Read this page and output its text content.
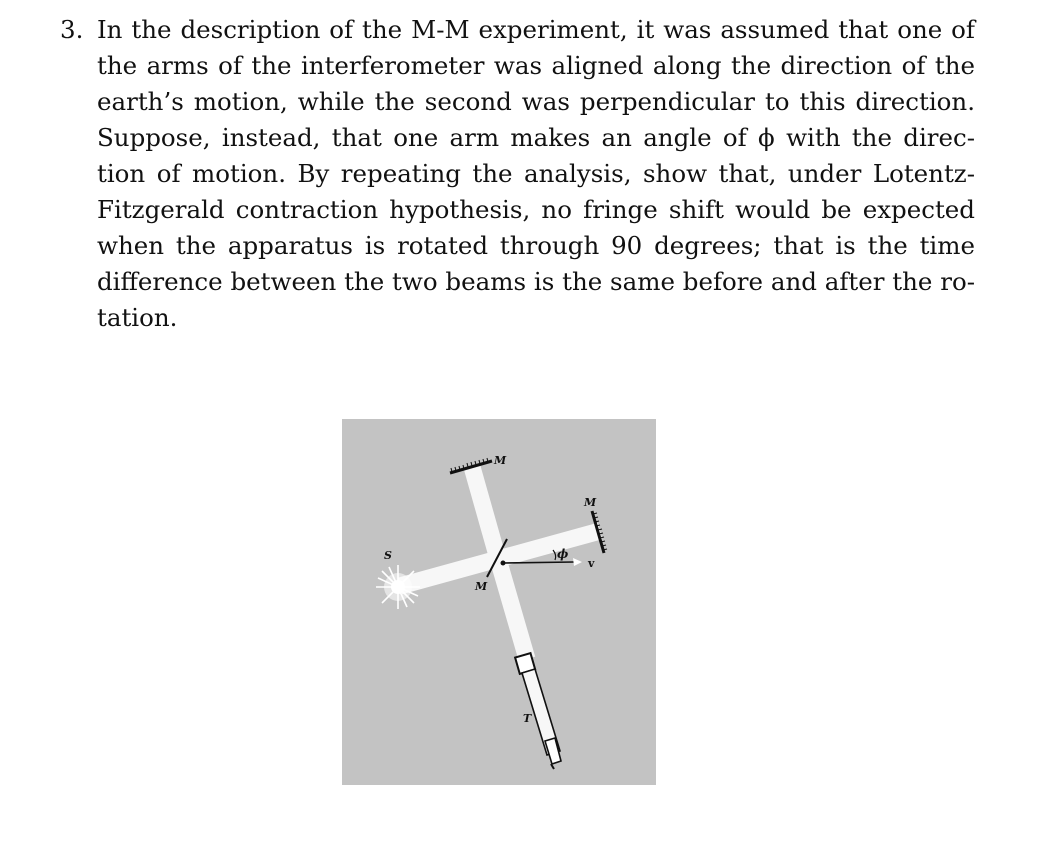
3. In the description of the M-M experiment, it was assumed that one of
the arms of the interferometer was aligned along the direction of the
earth’s motion, while the second was perpendicular to this direction.
Suppose, instead, that one arm makes an angle of ϕ with the direc-
tion of motion. By repeating the analysis, show that, under Lotentz-
Fitzgerald contraction hypothesis, no fringe shift would be expected
when the apparatus is rotated through 90 degrees; that is the time
difference between the two beams is the same before and after the ro-
tation.
M
M
S
M
ϕ
v
T
